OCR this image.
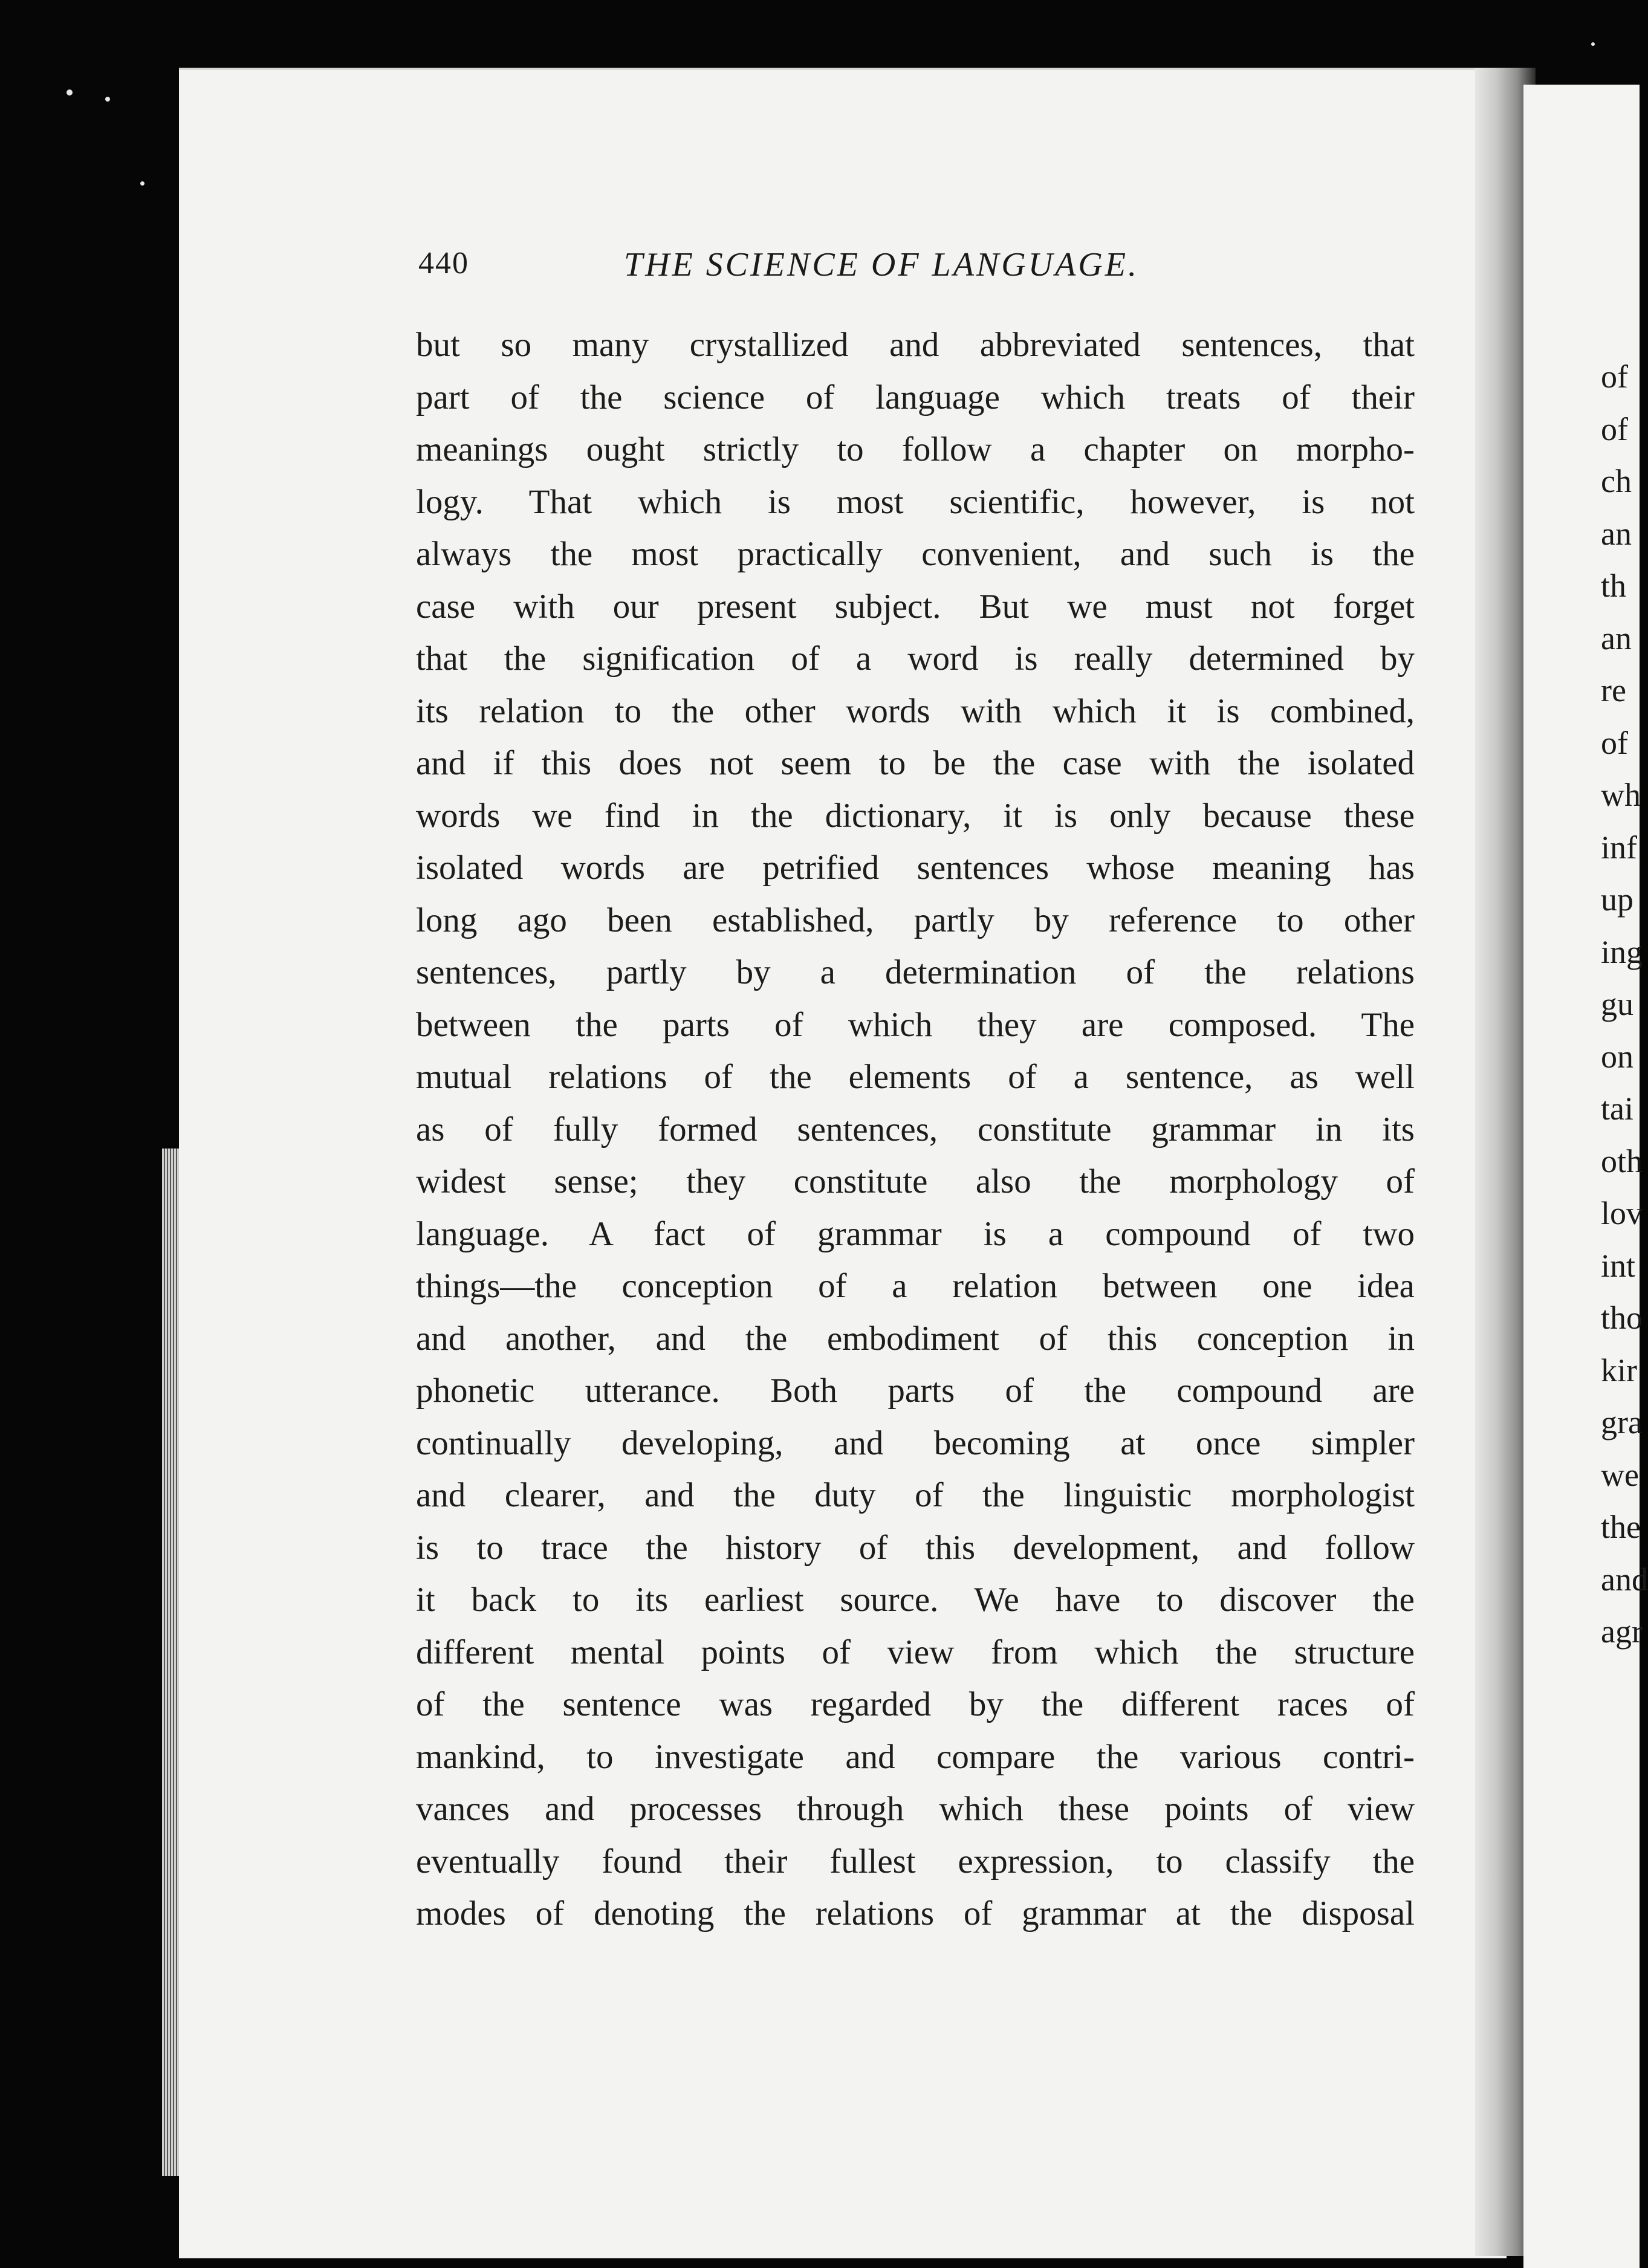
440	THE SCIENCE OF LANGUAGE.
but so many crystallized and abbreviated sentences, that
part of the science of language which treats of their
meanings ought strictly to follow a chapter on morpho-
logy. That which is most scientific, however, is not
always the most practically convenient, and such is the
case with our present subject. But we must not forget
that the signification of a word is really determined by
its relation to the other words with which it is combined,
and if this does not seem to be the case with the isolated
words we find in the dictionary, it is only because these
isolated words are petrified sentences whose meaning has
long ago been established, partly by reference to other
sentences, partly by a determination of the relations
between the parts of which they are composed. The
mutual relations of the elements of a sentence, as well
as of fully formed sentences, constitute grammar in its
widest sense; they constitute also the morphology of
language. A fact of grammar is a compound of two
things—the conception of a relation between one idea
and another, and the embodiment of this conception in
phonetic utterance. Both parts of the compound are
continually developing, and becoming at once simpler
and clearer, and the duty of the linguistic morphologist
is to trace the history of this development, and follow
it back to its earliest source. We have to discover the
different mental points of view from which the structure
of the sentence was regarded by the different races of
mankind, to investigate and compare the various contri-
vances and processes through which these points of view
eventually found their fullest expression, to classify the
modes of denoting the relations of grammar at the disposal
of
of
ch
an
th
an
re
of
wh
inf
up
ing
gu
on
tai
oth
lov
int
tho
kir
gra
we
the
and
agr
